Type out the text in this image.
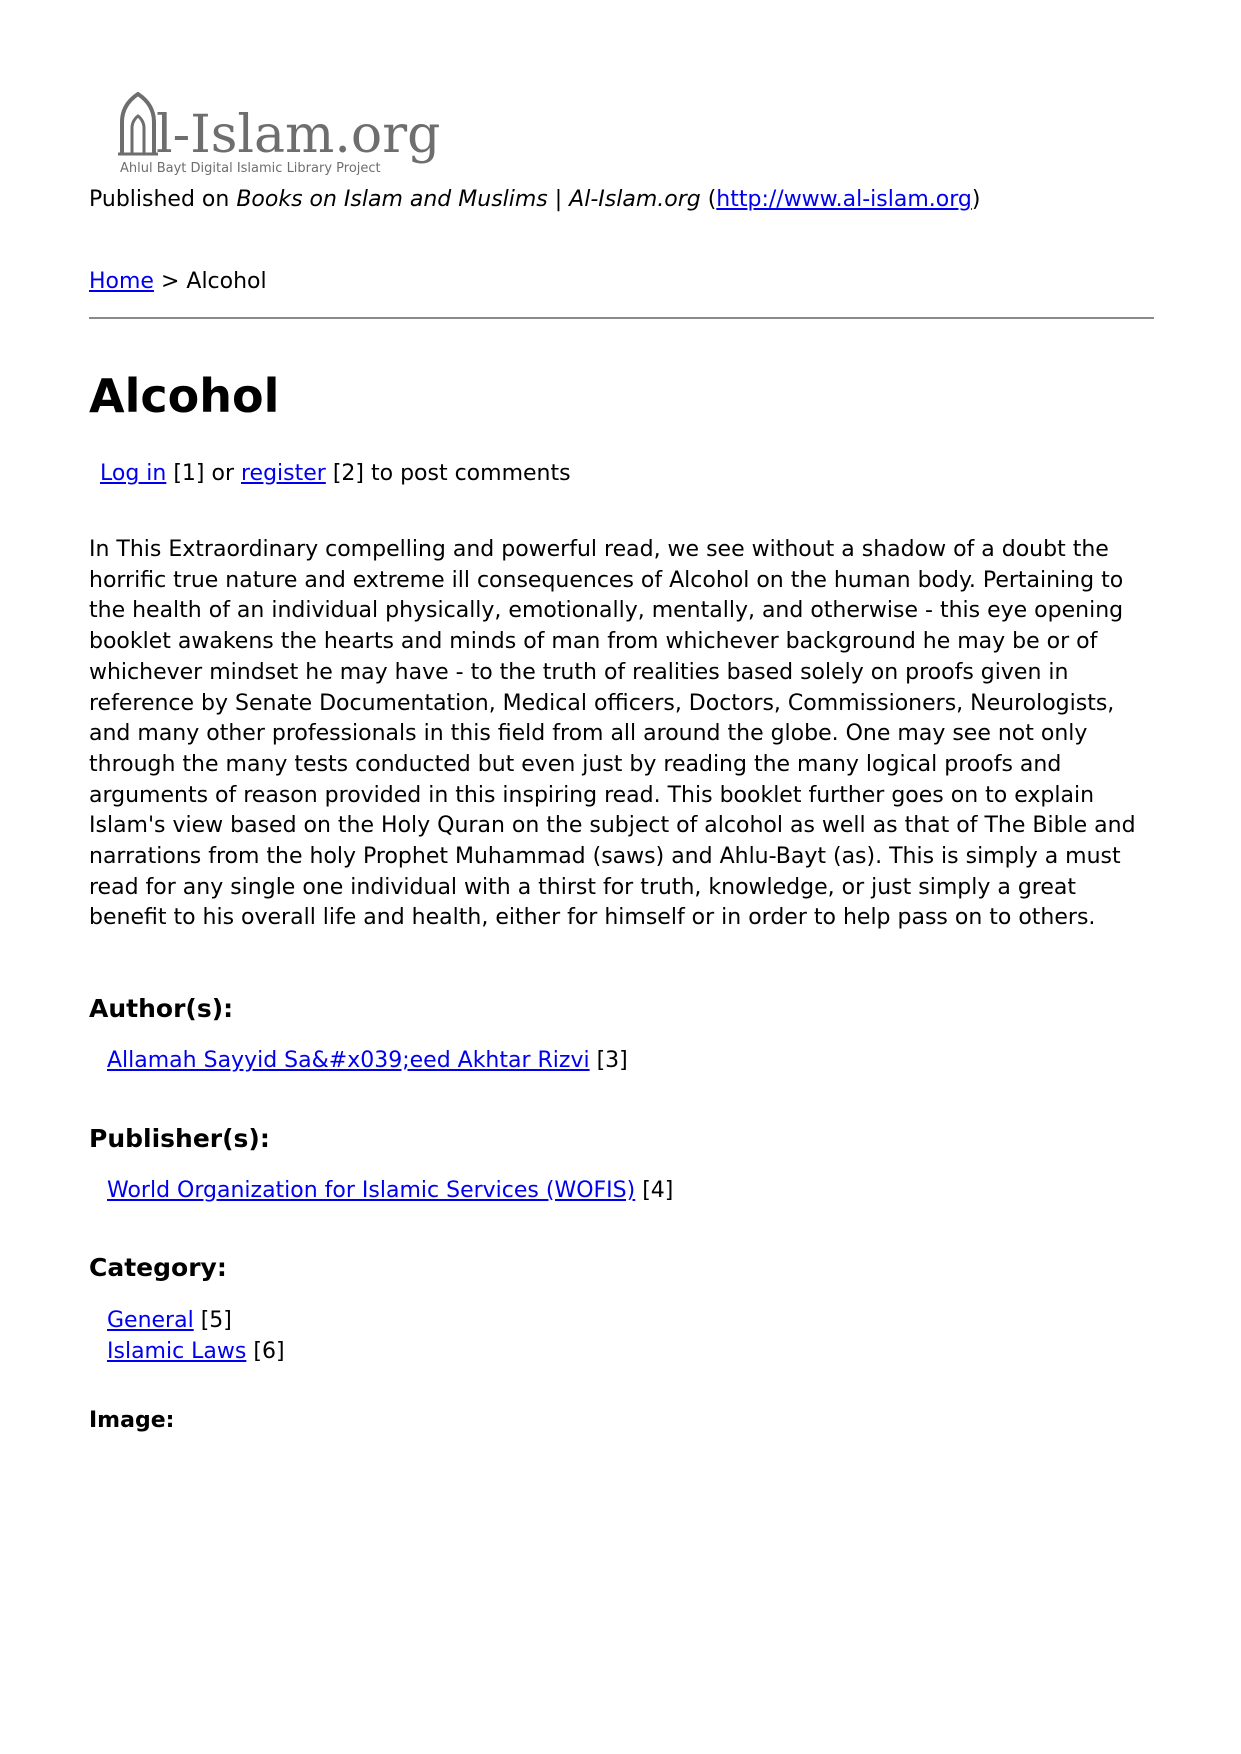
l-Islam.org
Ahlul Bayt Digital Islamic Library Project
Published on Books on Islam and Muslims | Al-Islam.org (http://www.al-islam.org)
Home > Alcohol
Alcohol
Log in [1] or register [2] to post comments

In This Extraordinary compelling and powerful read, we see without a shadow of a doubt the horrific true nature and extreme ill consequences of Alcohol on the human body. Pertaining to the health of an individual physically, emotionally, mentally, and otherwise - this eye opening booklet awakens the hearts and minds of man from whichever background he may be or of whichever mindset he may have - to the truth of realities based solely on proofs given in reference by Senate Documentation, Medical officers, Doctors, Commissioners, Neurologists, and many other professionals in this field from all around the globe. One may see not only through the many tests conducted but even just by reading the many logical proofs and arguments of reason provided in this inspiring read. This booklet further goes on to explain Islam's view based on the Holy Quran on the subject of alcohol as well as that of The Bible and narrations from the holy Prophet Muhammad (saws) and Ahlu-Bayt (as). This is simply a must read for any single one individual with a thirst for truth, knowledge, or just simply a great benefit to his overall life and health, either for himself or in order to help pass on to others.

Author(s):
Allamah Sayyid Sa&#x039;eed Akhtar Rizvi [3]
Publisher(s):
World Organization for Islamic Services (WOFIS) [4]
Category:
General [5]
Islamic Laws [6]
Image:
